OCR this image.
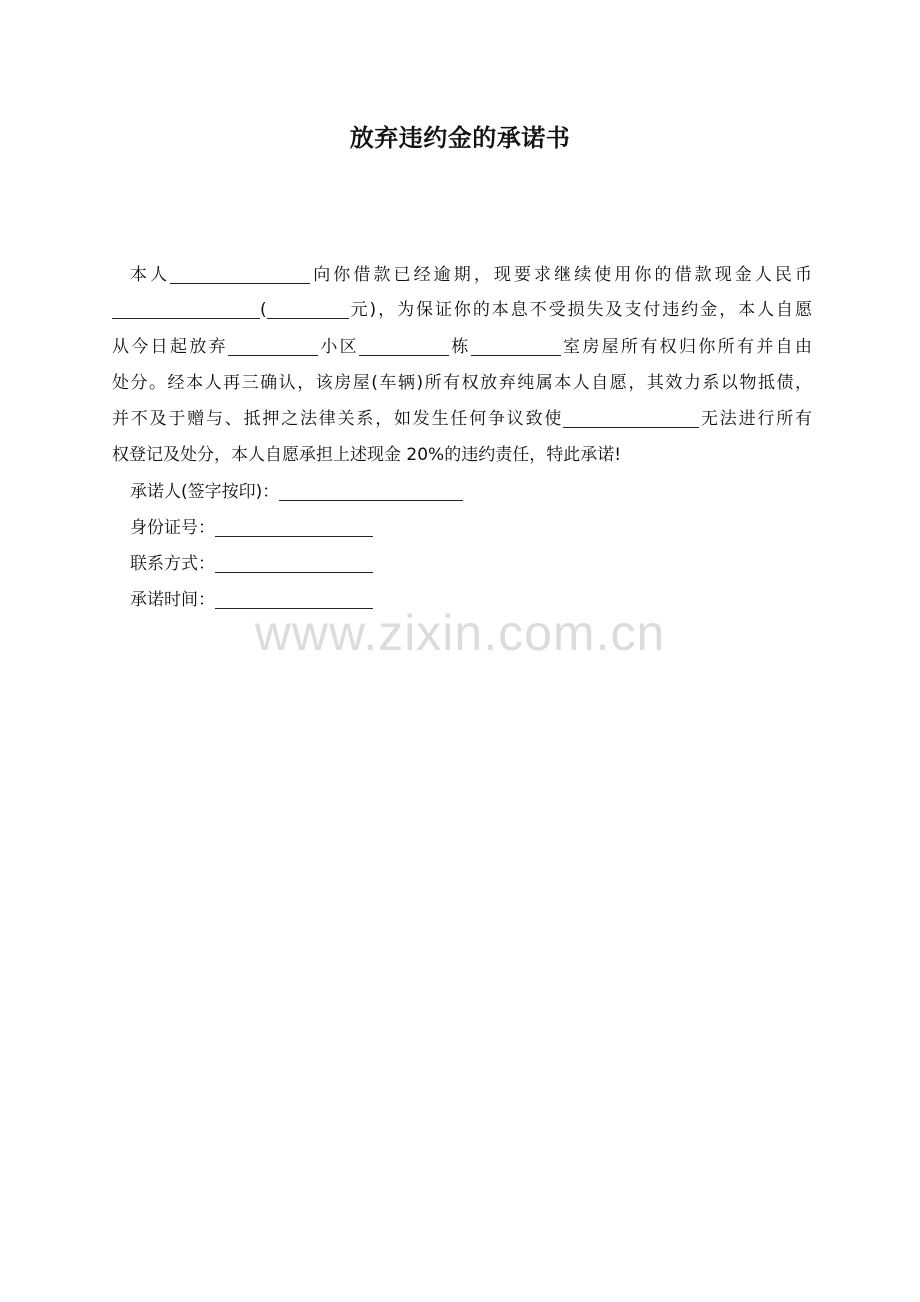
放弃违约金的承诺书
本人	向你借款已经逾期，现要求继续使用你的借款现金人民币
(	元)，为保证你的本息不受损失及支付违约金，本人自愿
从今日起放弃	小区	栋	室房屋所有权归你所有并自由
处分。经本人再三确认，该房屋(车辆)所有权放弃纯属本人自愿，其效力系以物抵债，
并不及于赠与、抵押之法律关系，如发生任何争议致使	无法进行所有
权登记及处分，本人自愿承担上述现金 20%的违约责任，特此承诺!
承诺人(签字按印)：
身份证号：
联系方式：
承诺时间：
www.zixin.com.cn
